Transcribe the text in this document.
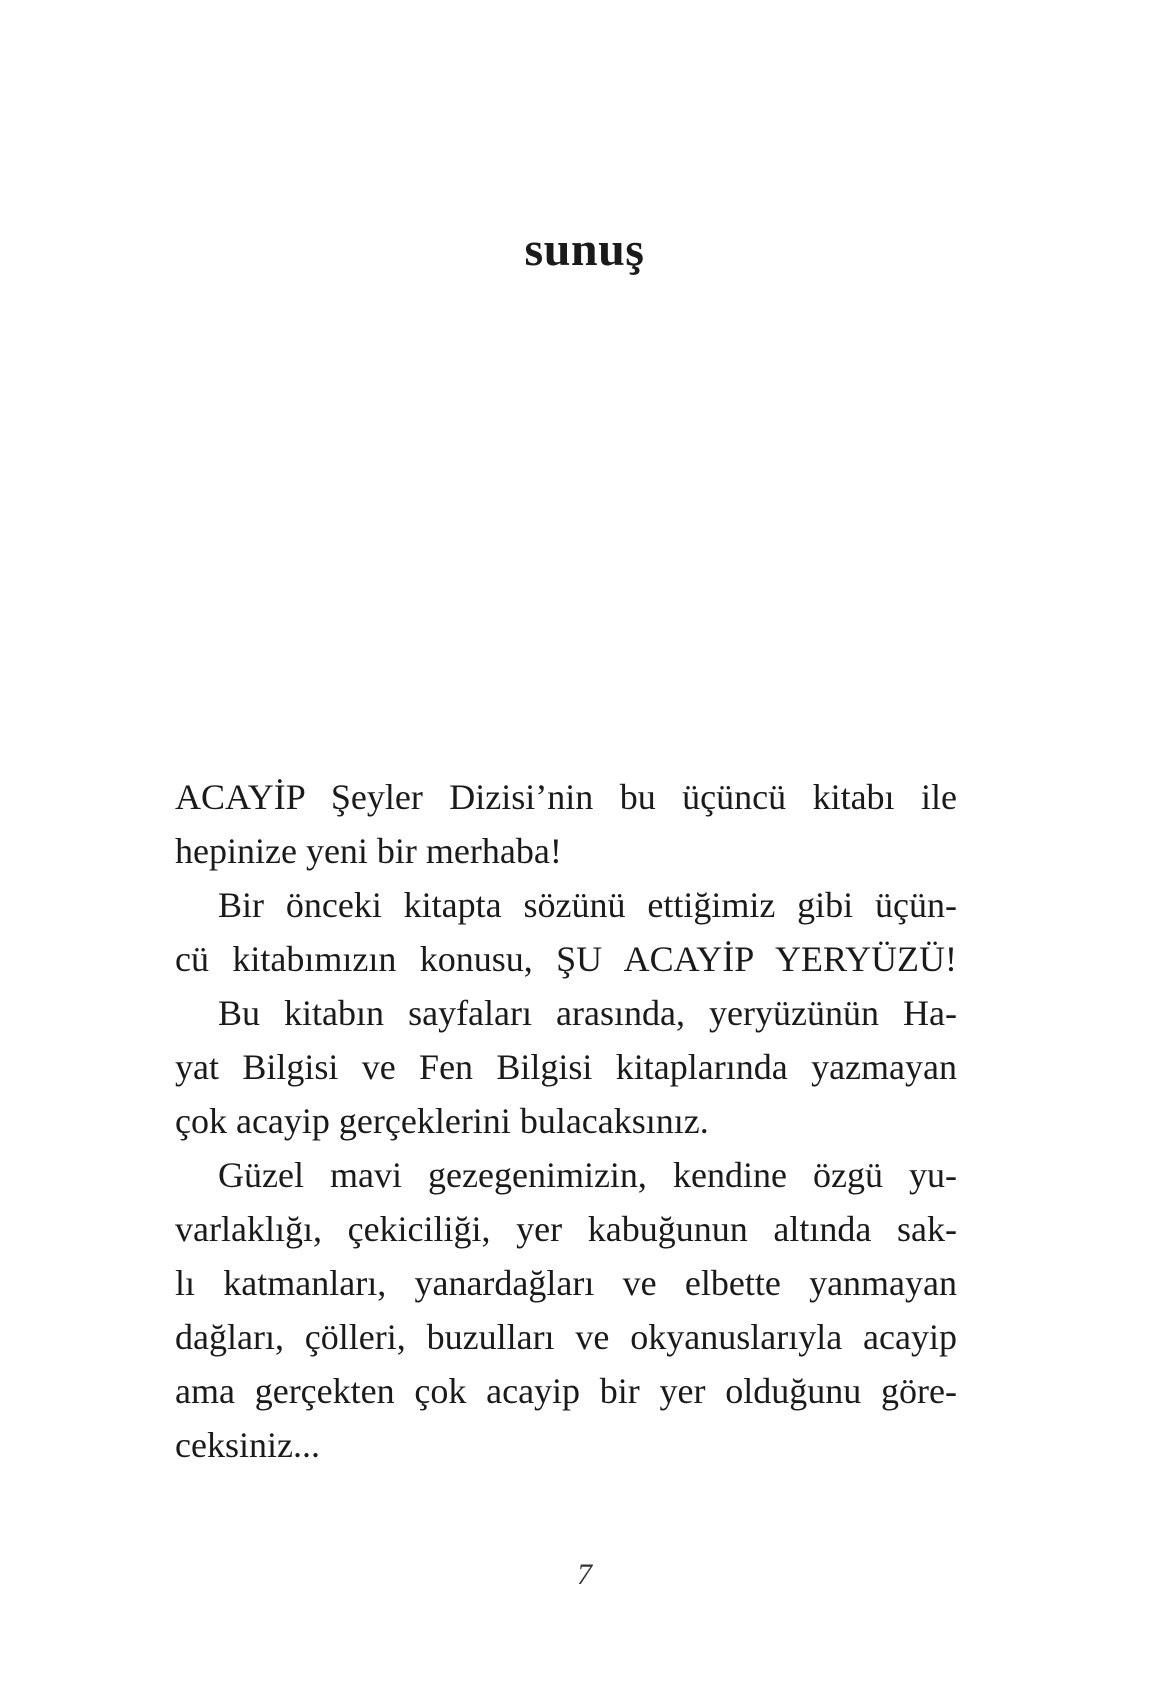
sunuş
ACAYİP Şeyler Dizisi’nin bu üçüncü kitabı ile
hepinize yeni bir merhaba!
Bir önceki kitapta sözünü ettiğimiz gibi üçün-
cü kitabımızın konusu, ŞU ACAYİP YERYÜZÜ!
Bu kitabın sayfaları arasında, yeryüzünün Ha-
yat Bilgisi ve Fen Bilgisi kitaplarında yazmayan
çok acayip gerçeklerini bulacaksınız.
Güzel mavi gezegenimizin, kendine özgü yu-
varlaklığı, çekiciliği, yer kabuğunun altında sak-
lı katmanları, yanardağları ve elbette yanmayan
dağları, çölleri, buzulları ve okyanuslarıyla acayip
ama gerçekten çok acayip bir yer olduğunu göre-
ceksiniz...
7
